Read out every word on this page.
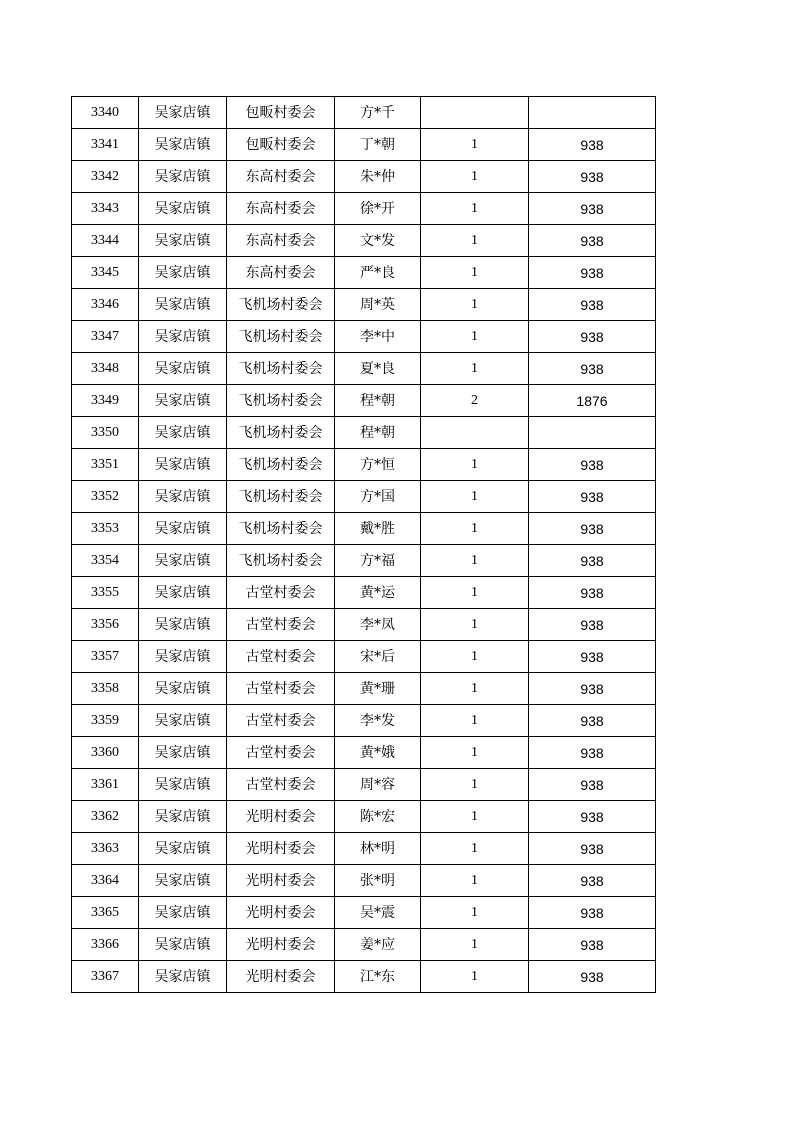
3340	吴家店镇	包畈村委会	方*千		
3341	吴家店镇	包畈村委会	丁*朝	1	938
3342	吴家店镇	东高村委会	朱*仲	1	938
3343	吴家店镇	东高村委会	徐*开	1	938
3344	吴家店镇	东高村委会	文*发	1	938
3345	吴家店镇	东高村委会	严*良	1	938
3346	吴家店镇	飞机场村委会	周*英	1	938
3347	吴家店镇	飞机场村委会	李*中	1	938
3348	吴家店镇	飞机场村委会	夏*良	1	938
3349	吴家店镇	飞机场村委会	程*朝	2	1876
3350	吴家店镇	飞机场村委会	程*朝		
3351	吴家店镇	飞机场村委会	方*恒	1	938
3352	吴家店镇	飞机场村委会	方*国	1	938
3353	吴家店镇	飞机场村委会	戴*胜	1	938
3354	吴家店镇	飞机场村委会	方*福	1	938
3355	吴家店镇	古堂村委会	黄*运	1	938
3356	吴家店镇	古堂村委会	李*凤	1	938
3357	吴家店镇	古堂村委会	宋*后	1	938
3358	吴家店镇	古堂村委会	黄*珊	1	938
3359	吴家店镇	古堂村委会	李*发	1	938
3360	吴家店镇	古堂村委会	黄*娥	1	938
3361	吴家店镇	古堂村委会	周*容	1	938
3362	吴家店镇	光明村委会	陈*宏	1	938
3363	吴家店镇	光明村委会	林*明	1	938
3364	吴家店镇	光明村委会	张*明	1	938
3365	吴家店镇	光明村委会	吴*震	1	938
3366	吴家店镇	光明村委会	姜*应	1	938
3367	吴家店镇	光明村委会	江*东	1	938
